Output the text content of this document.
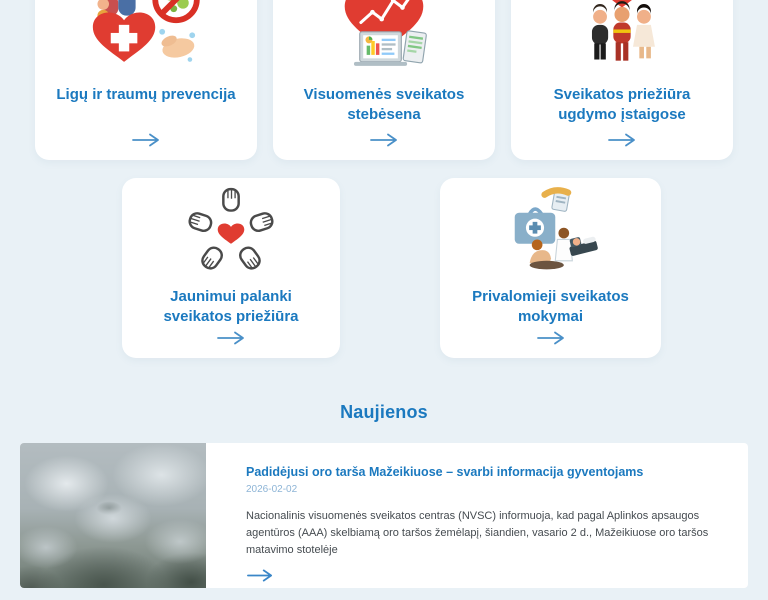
Ligų ir traumų prevencija	Visuomenės sveikatos stebėsena
Sveikatos priežiūra ugdymo įstaigose
Jaunimui palanki sveikatos priežiūra
Privalomieji sveikatos mokymai
Naujienos
Padidėjusi oro tarša Mažeikiuose – svarbi informacija gyventojams
2026-02-02
Nacionalinis visuomenės sveikatos centras (NVSC) informuoja, kad pagal Aplinkos apsaugos agentūros (AAA) skelbiamą oro taršos žemėlapį, šiandien, vasario 2 d., Mažeikiuose oro taršos matavimo stotelėje
